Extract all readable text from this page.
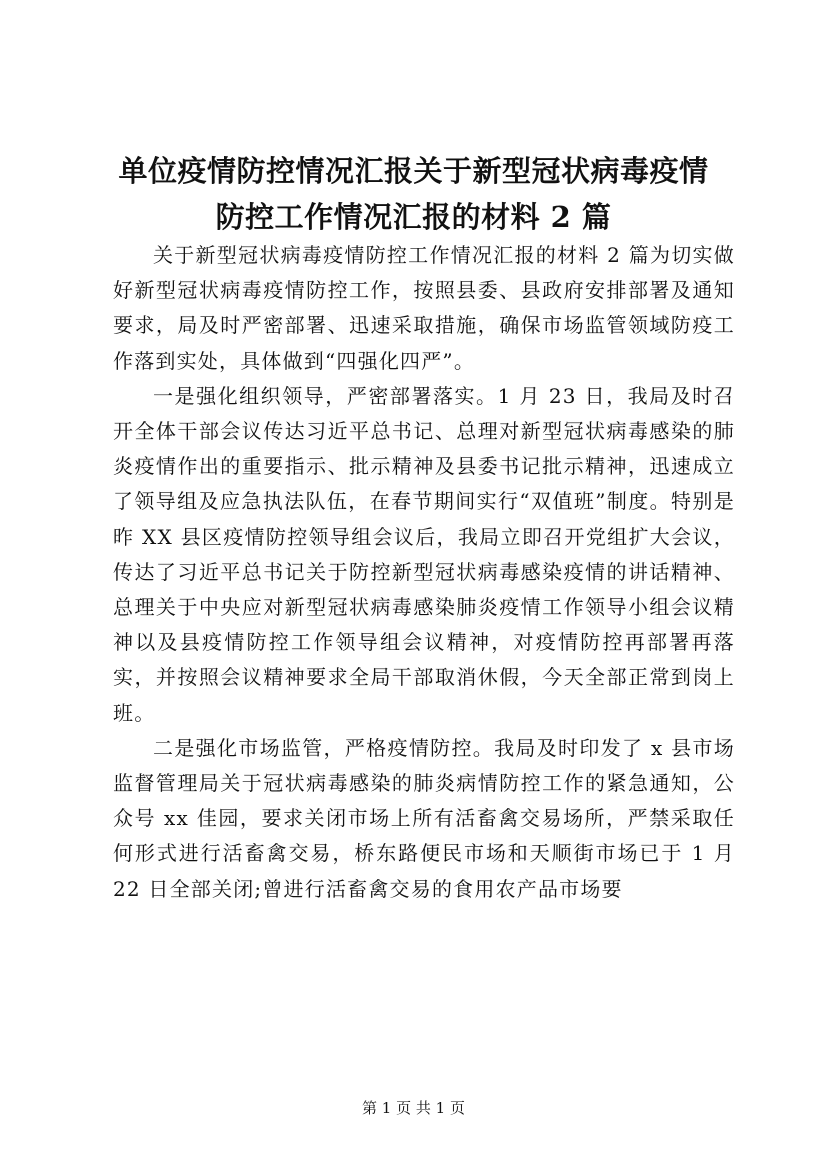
单位疫情防控情况汇报关于新型冠状病毒疫情
防控工作情况汇报的材料 2 篇

关于新型冠状病毒疫情防控工作情况汇报的材料 2 篇为切实做好新型冠状病毒疫情防控工作，按照县委、县政府安排部署及通知要求，局及时严密部署、迅速采取措施，确保市场监管领域防疫工作落到实处，具体做到“四强化四严”。

一是强化组织领导，严密部署落实。1 月 23 日，我局及时召开全体干部会议传达习近平总书记、总理对新型冠状病毒感染的肺炎疫情作出的重要指示、批示精神及县委书记批示精神，迅速成立了领导组及应急执法队伍，在春节期间实行“双值班”制度。特别是昨 XX 县区疫情防控领导组会议后，我局立即召开党组扩大会议，传达了习近平总书记关于防控新型冠状病毒感染疫情的讲话精神、总理关于中央应对新型冠状病毒感染肺炎疫情工作领导小组会议精神以及县疫情防控工作领导组会议精神，对疫情防控再部署再落实，并按照会议精神要求全局干部取消休假，今天全部正常到岗上班。

二是强化市场监管，严格疫情防控。我局及时印发了 x 县市场监督管理局关于冠状病毒感染的肺炎病情防控工作的紧急通知，公众号 xx 佳园，要求关闭市场上所有活畜禽交易场所，严禁采取任何形式进行活畜禽交易，桥东路便民市场和天顺街市场已于 1 月 22 日全部关闭;曾进行活畜禽交易的食用农产品市场要

第 1 页 共 1 页
